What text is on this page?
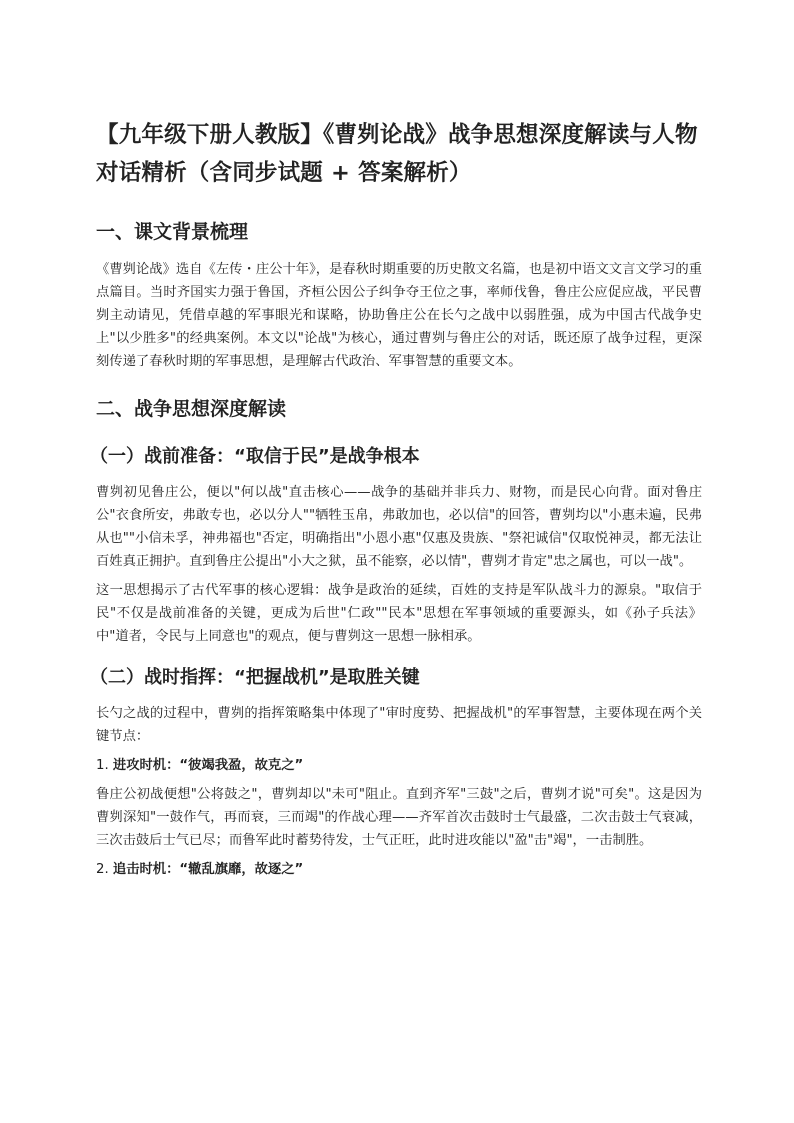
【九年级下册人教版】《曹刿论战》战争思想深度解读与人物对话精析（含同步试题 + 答案解析）
一、课文背景梳理

《曹刿论战》选自《左传・庄公十年》，是春秋时期重要的历史散文名篇，也是初中语文文言文学习的重点篇目。当时齐国实力强于鲁国，齐桓公因公子纠争夺王位之事，率师伐鲁，鲁庄公应促应战，平民曹刿主动请见，凭借卓越的军事眼光和谋略，协助鲁庄公在长勺之战中以弱胜强，成为中国古代战争史上"以少胜多"的经典案例。本文以"论战"为核心，通过曹刿与鲁庄公的对话，既还原了战争过程，更深刻传递了春秋时期的军事思想，是理解古代政治、军事智慧的重要文本。

二、战争思想深度解读
（一）战前准备：“取信于民”是战争根本

曹刿初见鲁庄公，便以"何以战"直击核心——战争的基础并非兵力、财物，而是民心向背。面对鲁庄公"衣食所安，弗敢专也，必以分人""牺牲玉帛，弗敢加也，必以信"的回答，曹刿均以"小惠未遍，民弗从也""小信未孚，神弗福也"否定，明确指出"小恩小惠"仅惠及贵族、"祭祀诚信"仅取悦神灵，都无法让百姓真正拥护。直到鲁庄公提出"小大之狱，虽不能察，必以情"，曹刿才肯定"忠之属也，可以一战"。

这一思想揭示了古代军事的核心逻辑：战争是政治的延续，百姓的支持是军队战斗力的源泉。"取信于民"不仅是战前准备的关键，更成为后世"仁政""民本"思想在军事领域的重要源头，如《孙子兵法》中"道者，令民与上同意也"的观点，便与曹刿这一思想一脉相承。

（二）战时指挥：“把握战机”是取胜关键

长勺之战的过程中，曹刿的指挥策略集中体现了"审时度势、把握战机"的军事智慧，主要体现在两个关键节点：

1. 进攻时机：“彼竭我盈，故克之”

鲁庄公初战便想"公将鼓之"，曹刿却以"未可"阻止。直到齐军"三鼓"之后，曹刿才说"可矣"。这是因为曹刿深知"一鼓作气，再而衰，三而竭"的作战心理——齐军首次击鼓时士气最盛，二次击鼓士气衰减，三次击鼓后士气已尽；而鲁军此时蓄势待发，士气正旺，此时进攻能以"盈"击"竭"，一击制胜。

2. 追击时机：“辙乱旗靡，故逐之”
